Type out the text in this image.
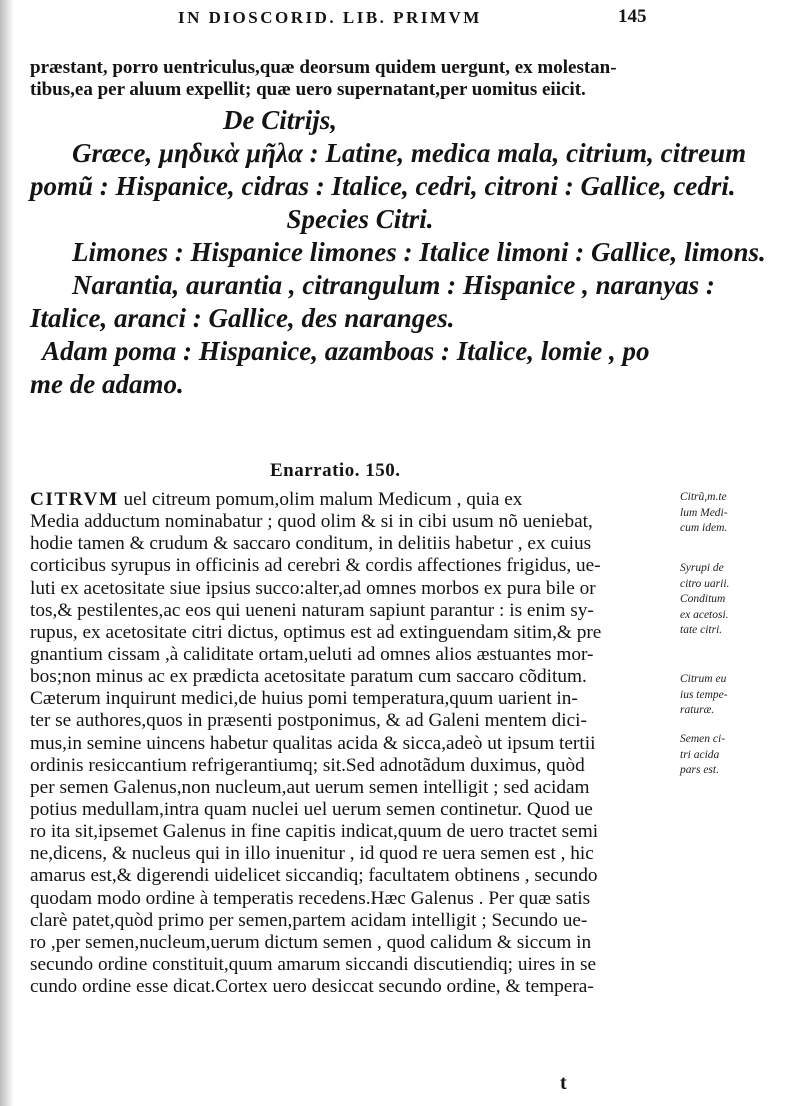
IN DIOSCORID. LIB. PRIMVM	145
præstant, porro uentriculus,quæ deorsum quidem uergunt, ex molestan-
tibus,ea per aluum expellit; quæ uero supernatant,per uomitus eiicit.
De Citrijs,
Græce, μηδικὰ μῆλα : Latine, medica mala, citrium, citreum
pomũ : Hispanice, cidras : Italice, cedri, citroni : Gallice, cedri.
Species Citri.
Limones : Hispanice limones : Italice limoni : Gallice, limons.
Narantia, aurantia , citrangulum : Hispanice , naranyas :
Italice, aranci : Gallice, des naranges.
Adam poma : Hispanice, azamboas : Italice, lomie , po
me de adamo.
Enarratio. 150.
CITRVM uel citreum pomum,olim malum Medicum , quia ex
Media adductum nominabatur ; quod olim & si in cibi usum nõ ueniebat,
hodie tamen & crudum & saccaro conditum, in delitiis habetur , ex cuius
corticibus syrupus in officinis ad cerebri & cordis affectiones frigidus, ue-
luti ex acetositate siue ipsius succo:alter,ad omnes morbos ex pura bile or
tos,& pestilentes,ac eos qui ueneni naturam sapiunt parantur : is enim sy-
rupus, ex acetositate citri dictus, optimus est ad extinguendam sitim,& pre
gnantium cissam ,à caliditate ortam,ueluti ad omnes alios æstuantes mor-
bos;non minus ac ex prædicta acetositate paratum cum saccaro cõditum.
Cæterum inquirunt medici,de huius pomi temperatura,quum uarient in-
ter se authores,quos in præsenti postponimus, & ad Galeni mentem dici-
mus,in semine uincens habetur qualitas acida & sicca,adeò ut ipsum tertii
ordinis resiccantium refrigerantiumq; sit.Sed adnotãdum duximus, quòd
per semen Galenus,non nucleum,aut uerum semen intelligit ; sed acidam
potius medullam,intra quam nuclei uel uerum semen continetur. Quod ue
ro ita sit,ipsemet Galenus in fine capitis indicat,quum de uero tractet semi
ne,dicens, & nucleus qui in illo inuenitur , id quod re uera semen est , hic
amarus est,& digerendi uidelicet siccandiq; facultatem obtinens , secundo
quodam modo ordine à temperatis recedens.Hæc Galenus . Per quæ satis
clarè patet,quòd primo per semen,partem acidam intelligit ; Secundo ue-
ro ,per semen,nucleum,uerum dictum semen , quod calidum & siccum in
secundo ordine constituit,quum amarum siccandi discutiendiq; uires in se
cundo ordine esse dicat.Cortex uero desiccat secundo ordine, & tempera-
Citrũ,m.te
lum Medi-
cum idem.
Syrupi de
citro uarii.
Conditum
ex acetosi.
tate citri.
Citrum eu
ius tempe-
raturæ.
Semen ci-
tri acida
pars est.
t
